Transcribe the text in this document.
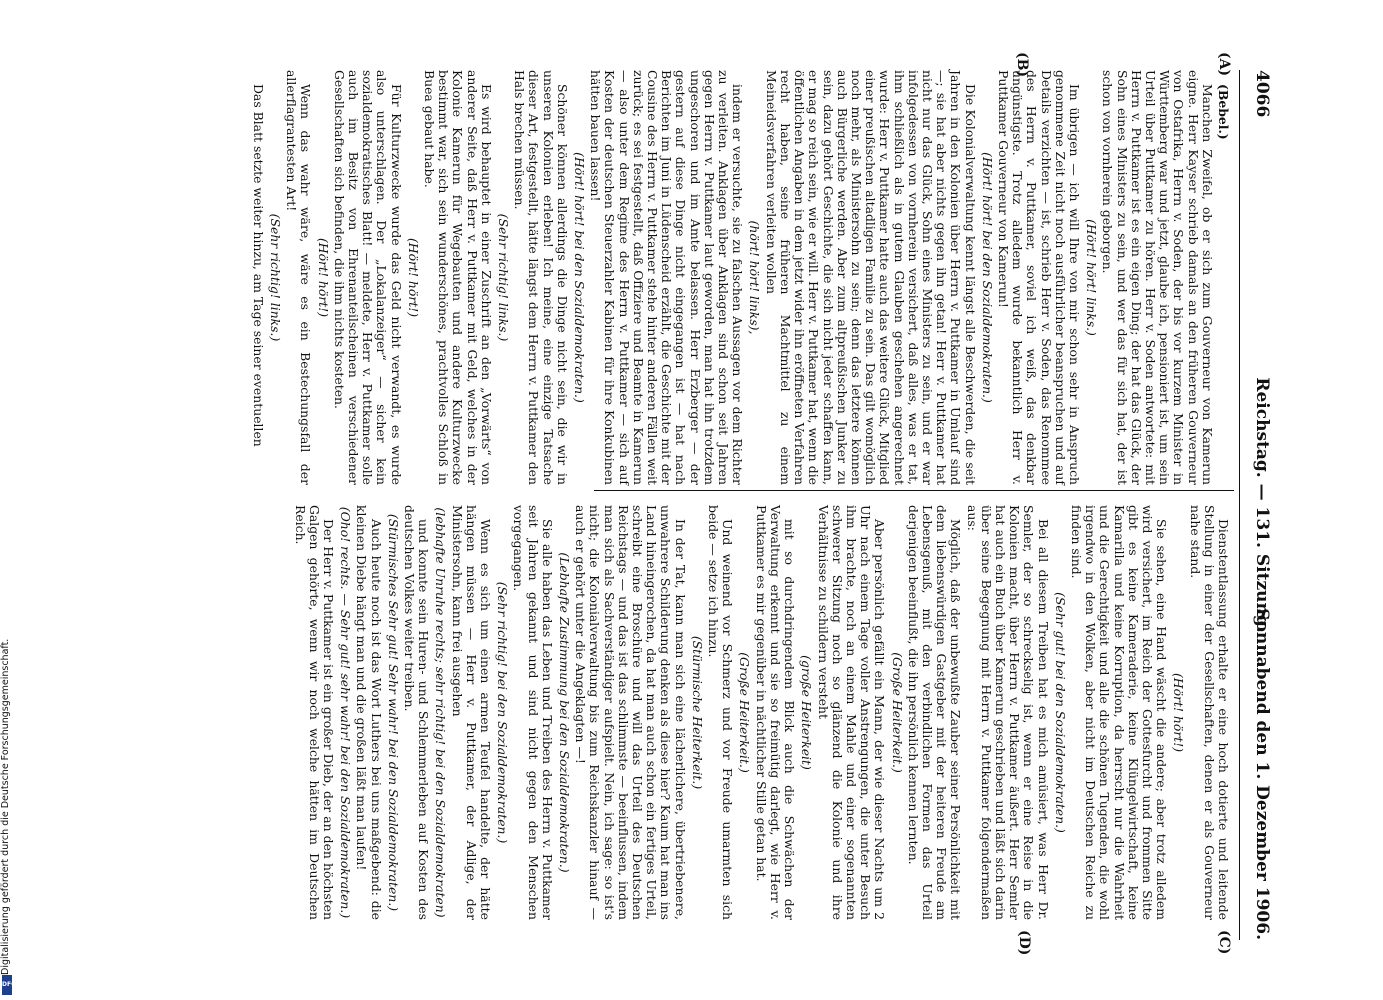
4066
Reichstag. — 131. Sitzung.
Sonnabend den 1. Dezember 1906.
(A)
(B)
(C)
(D)

(Bebel.)

Manchen Zweifel, ob er sich zum Gouverneur von Kamerun eigne. Herr Kayser schrieb damals an den früheren Gouverneur von Ostafrika, Herrn v. Soden, der bis vor kurzem Minister in Württemberg war und jetzt, glaube ich, pensioniert ist, um sein Urteil über Puttkamer zu hören. Herr v. Soden antwortete: mit Herrn v. Puttkamer ist es ein eigen Ding; der hat das Glück, der Sohn eines Ministers zu sein, und wer das für sich hat, der ist schon von vornherein geborgen.

(Hört! hört! links.)

Im übrigen — ich will Ihre von mir schon sehr in Anspruch genommene Zeit nicht noch ausführlicher beanspruchen und auf Details verzichten — ist, schrieb Herr v. Soden, das Renommee des Herrn v. Puttkamer, soviel ich weiß, das denkbar ungünstigste. Trotz alledem wurde bekanntlich Herr v. Puttkamer Gouverneur von Kamerun!

(Hört! hört! bei den Sozialdemokraten.)

Die Kolonialverwaltung kennt längst alle Beschwerden, die seit Jahren in den Kolonien über Herrn v. Puttkamer in Umlauf sind —; sie hat aber nichts gegen ihn getan! Herr v. Puttkamer hat nicht nur das Glück, Sohn eines Ministers zu sein, und er war infolgedessen von vornherein versichert, daß alles, was er tat, ihm schließlich als in gutem Glauben geschehen angerechnet wurde: Herr v. Puttkamer hatte auch das weitere Glück, Mitglied einer preußischen altadligen Familie zu sein. Das gilt womöglich noch mehr, als Ministersohn zu sein; denn das letztere können auch Bürgerliche werden. Aber zum altpreußischen Junker zu sein, dazu gehört Geschichte, die sich nicht jeder schaffen kann, er mag so reich sein, wie er will. Herr v. Puttkamer hat, wenn die öffentlichen Angaben in dem jetzt wider ihn eröffneten Verfahren recht haben, seine früheren Machtmittel zu einem Meineidsverfahren verleiten wollen

(hört! hört! links),

indem er versuchte, sie zu falschen Aussagen vor dem Richter zu verleiten. Anklagen über Anklagen sind schon seit Jahren gegen Herrn v. Puttkamer laut geworden, man hat ihn trotzdem ungeschoren und im Amte belassen. Herr Erzberger — der gestern auf diese Dinge nicht eingegangen ist — hat nach Berichten im Juni in Lüdenscheid erzählt, die Geschichte mit der Cousine des Herrn v. Puttkamer stehe hinter anderen Fällen weit zurück; es sei festgestellt, daß Offiziere und Beamte in Kamerun — also unter dem Regime des Herrn v. Puttkamer — sich auf Kosten der deutschen Steuerzahler Kabinen für ihre Konkubinen hätten bauen lassen!

(Hört! hört! bei den Sozialdemokraten.)

Schöner können allerdings die Dinge nicht sein, die wir in unseren Kolonien erleben! Ich meine, eine einzige Tatsache dieser Art, festgestellt, hätte längst dem Herrn v. Puttkamer den Hals brechen müssen.

(Sehr richtig! links.)

Es wird behauptet in einer Zuschrift an den „Vorwärts“ von anderer Seite, daß Herr v. Puttkamer mit Geld, welches in der Kolonie Kamerun für Wegebauten und andere Kulturzwecke bestimmt war, sich sein wunderschönes, prachtvolles Schloß in Buea gebaut habe.

(Hört! hört!)

Für Kulturzwecke wurde das Geld nicht verwandt, es wurde also unterschlagen. Der „Lokalanzeiger“ — sicher kein sozialdemokratisches Blatt! — meldete, Herr v. Puttkamer solle auch im Besitz von Ehrenanteilscheinen verschiedener Gesellschaften sich befinden, die ihm nichts kosteten.

(Hört! hört!)

Wenn das wahr wäre, wäre es ein Bestechungsfall der allerflagrantesten Art!

(Sehr richtig! links.)

Das Blatt setzte weiter hinzu, am Tage seiner eventuellen

Dienstentlassung erhalte er eine hoch dotierte und leitende Stellung in einer der Gesellschaften, denen er als Gouverneur nahe stand.

(Hört! hört!)

Sie sehen, eine Hand wäscht die andere; aber trotz alledem wird versichert, im Reich der Gottesfurcht und frommen Sitte gibt es keine Kameraderie, keine Klüngelwirtschaft, keine Kamarilla und keine Korruption, da herrscht nur die Wahrheit und die Gerechtigkeit und alle die schönen Tugenden, die wohl irgendwo in den Wolken, aber nicht im Deutschen Reiche zu finden sind.

(Sehr gut! bei den Sozialdemokraten.)

Bei all diesem Treiben hat es mich amüsiert, was Herr Dr. Semler, der so schreckselig ist, wenn er eine Reise in die Kolonien macht, über Herrn v. Puttkamer äußert. Herr Semler hat auch ein Buch über Kamerun geschrieben und läßt sich darin über seine Begegnung mit Herrn v. Puttkamer folgendermaßen aus:

Möglich, daß der unbewußte Zauber seiner Persönlichkeit mit dem liebenswürdigen Gastgeber mit der heiteren Freude am Lebensgenuß, mit den verbindlichen Formen das Urteil derjenigen beeinflußt, die ihn persönlich kennen lernten.

(Große Heiterkeit.)

Aber persönlich gefällt ein Mann, der wie dieser Nachts um 2 Uhr nach einem Tage voller Anstrengungen, die unter Besuch ihm brachte, noch an einem Mahle und einer sogenannten schwerer Sitzung noch so glänzend die Kolonie und ihre Verhältnisse zu schildern versteht

(große Heiterkeit)

mit so durchdringendem Blick auch die Schwächen der Verwaltung erkennt und sie so freimütig darlegt, wie Herr v. Puttkamer es mir gegenüber in nächtlicher Stille getan hat.

(Große Heiterkeit.)

Und weinend vor Schmerz und vor Freude umarmten sich beide — setze ich hinzu.

(Stürmische Heiterkeit.)

In der Tat, kann man sich eine lächerlichere, übertriebenere, unwahrere Schilderung denken als diese hier? Kaum hat man ins Land hineingerochen, da hat man auch schon ein fertiges Urteil, schreibt eine Broschüre und will das Urteil des Deutschen Reichstags — und das ist das schlimmste — beeinflussen, indem man sich als Sachverständiger aufspielt. Nein, ich sage: so ist's nicht; die Kolonialverwaltung bis zum Reichskanzler hinauf — auch er gehört unter die Angeklagten —!

(Lebhafte Zustimmung bei den Sozialdemokraten.)

Sie alle haben das Leben und Treiben des Herrn v. Puttkamer seit Jahren gekannt und sind nicht gegen den Menschen vorgegangen.

(Sehr richtig! bei den Sozialdemokraten.)

Wenn es sich um einen armen Teufel handelte, der hätte hängen müssen — Herr v. Puttkamer, der Adlige, der Ministersohn, kann frei ausgehen

(lebhafte Unruhe rechts; sehr richtig! bei den Sozialdemokraten)

und konnte sein Huren- und Schlemmerleben auf Kosten des deutschen Volkes weiter treiben.

(Stürmisches Sehr gut! Sehr wahr! bei den Sozialdemokraten.)

Auch heute noch ist das Wort Luthers bei uns maßgebend: die kleinen Diebe hängt man und die großen läßt man laufen!

(Oho! rechts. — Sehr gut! sehr wahr! bei den Sozialdemokraten.)

Der Herr v. Puttkamer ist ein großer Dieb, der an den höchsten Galgen gehörte, wenn wir noch welche hätten im Deutschen Reich.

DFG
Digitalisierung gefördert durch die Deutsche Forschungsgemeinschaft.
